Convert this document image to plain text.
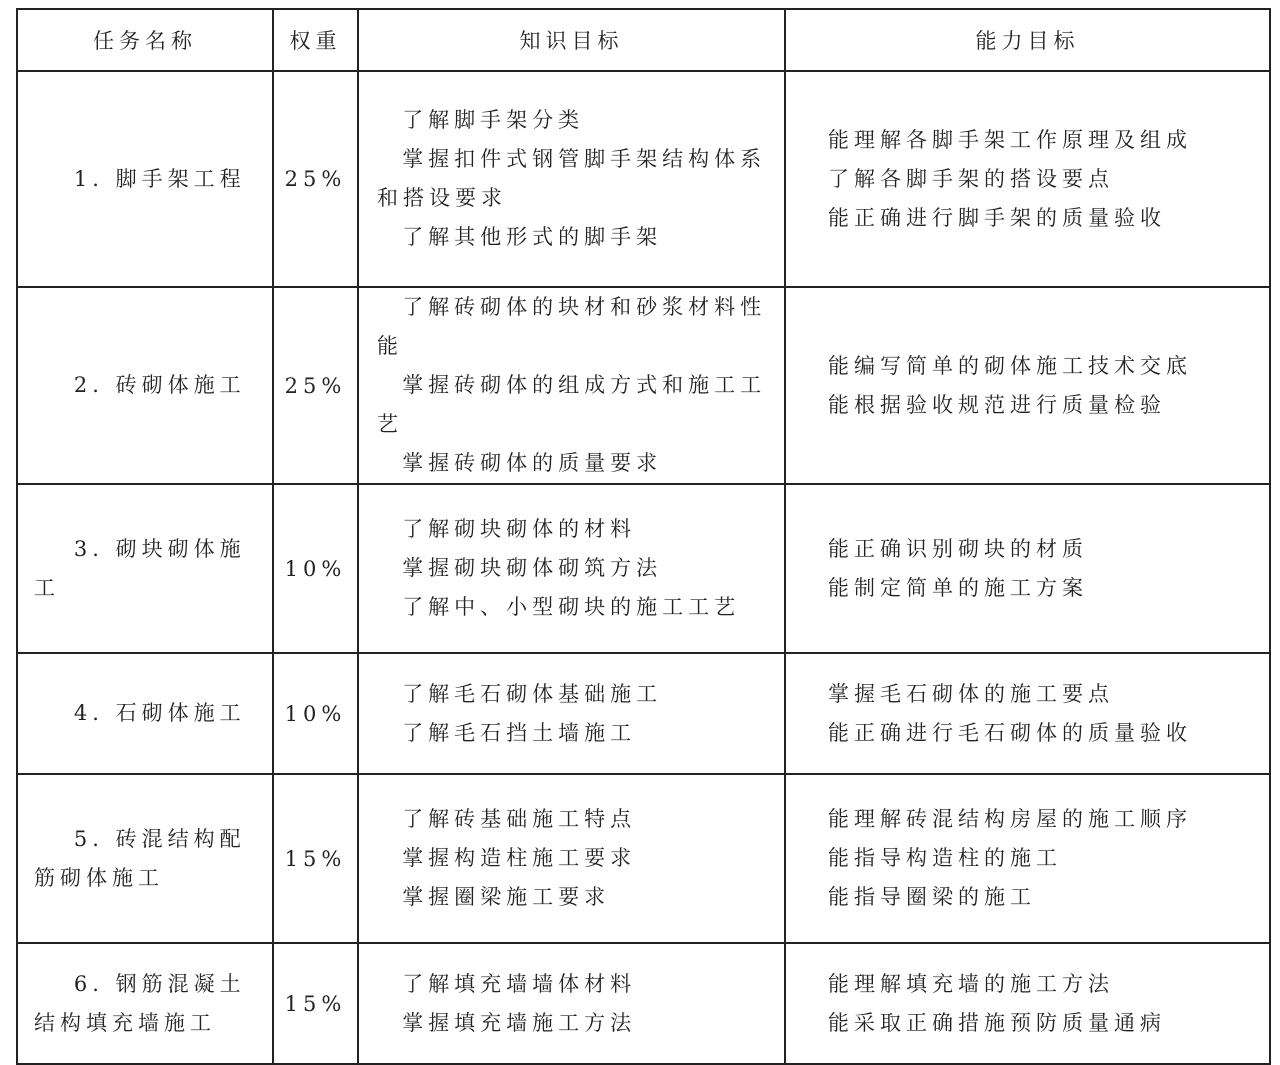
任务名称	权重	知识目标	能力目标
1. 脚手架工程	25%	了解脚手架分类
掌握扣件式钢管脚手架结构体系和搭设要求
了解其他形式的脚手架	能理解各脚手架工作原理及组成
了解各脚手架的搭设要点
能正确进行脚手架的质量验收

2. 砖砌体施工	25%	了解砖砌体的块材和砂浆材料性能
掌握砖砌体的组成方式和施工工艺
掌握砖砌体的质量要求	能编写简单的砌体施工技术交底
能根据验收规范进行质量检验

3. 砌块砌体施工	10%	了解砌块砌体的材料
掌握砌块砌体砌筑方法
了解中、小型砌块的施工工艺	能正确识别砌块的材质
能制定简单的施工方案

4. 石砌体施工	10%	了解毛石砌体基础施工
了解毛石挡土墙施工	掌握毛石砌体的施工要点
能正确进行毛石砌体的质量验收

5. 砖混结构配筋砌体施工	15%	了解砖基础施工特点
掌握构造柱施工要求
掌握圈梁施工要求	能理解砖混结构房屋的施工顺序
能指导构造柱的施工
能指导圈梁的施工

6. 钢筋混凝土结构填充墙施工	15%	了解填充墙墙体材料
掌握填充墙施工方法	能理解填充墙的施工方法
能采取正确措施预防质量通病
